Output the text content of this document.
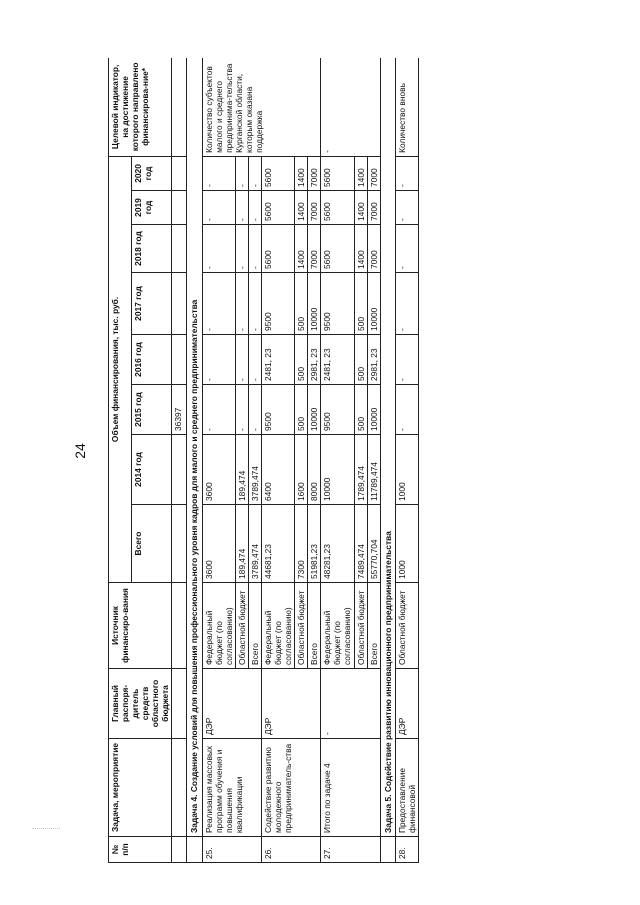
24
№ п/п	Задача, мероприятие	Главный распоря-дитель средств областного бюджета	Источник финансиро-вания	Объем финансирования, тыс. руб.								Целевой индикатор, на достижение которого направлено финансирова-ние*
				Всего	2014 год	2015 год	2016 год	2017 год	2018 год	2019 год	2020 год	
						36397						
	Задача 4. Создание условий для повышения профессионального уровня кадров для малого и среднего предпринимательства											
25.	Реализация массовых программ обучения и повышения квалификации	ДЭР	Федеральный бюджет (по согласованию)	3600	3600	-	-	-	-	-	-	Количество субъектов малого и среднего предпринима-тельства Курганской области, которым оказана поддержка
			Областной бюджет	189,474	189,474	-	-	-	-	-	-	
			Всего	3789,474	3789,474	-	-	-	-	-	-	
26.	Содействие развитию молодежного предприниматель-ства	ДЭР	Федеральный бюджет (по согласованию)	44681,23	6400	9500	2481, 23	9500	5600	5600	5600	
			Областной бюджет	7300	1600	500	500	500	1400	1400	1400	
			Всего	51981,23	8000	10000	2981, 23	10000	7000	7000	7000	
27.	Итого по задаче 4	-	Федеральный бюджет (по согласованию)	48281,23	10000	9500	2481, 23	9500	5600	5600	5600	-
			Областной бюджет	7489,474	1789,474	500	500	500	1400	1400	1400	
			Всего	55770,704	11789,474	10000	2981, 23	10000	7000	7000	7000	
	Задача 5. Содействие развитию инновационного предпринимательства											
28.	Предоставление финансовой	ДЭР	Областной бюджет	1000	1000	-	-	-	-	-	-	Количество вновь
